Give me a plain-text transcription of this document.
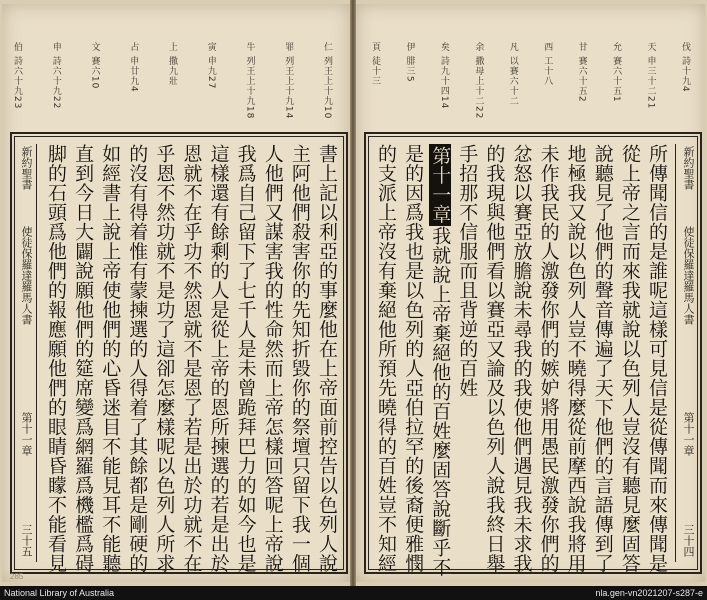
仁 列王上十九10
罪 列王上十九14
牛 列王上十九18
寅 申九27
上 撒九壯
占 申廿九4
文 賽六10
申 詩六十九22
伯 詩六十九23
新約聖書
使徒保羅達羅馬人書
第十一章
三十五	書上記以利亞的事麼他在上帝面前控告以色列人說
主阿他們殺害你的先知折毀你的祭壇只留下我一個
人他們又謀害我的性命然而上帝怎樣回答呢上帝說
我爲自己留下了七千人是未曾跪拜巴力的如今也是
這樣還有餘剩的人是從上帝的恩所揀選的若是出於
恩就不在乎功不然恩就不是恩了若是出於功就不在
乎恩不然功就不是功了這卻怎麼樣呢以色列人所求
的沒有得着惟有蒙揀選的人得着了其餘都是剛硬的
如經書上說上帝使他們的心昏迷目不能見耳不能聽
直到今日大闢說願他們的筵席變爲網羅爲機檻爲碍
脚的石頭爲他們的報應願他們的眼睛昏矇不能看見
285
伐 詩十九4
天 申三十二21
允 賽六十五1
甘 賽六十五2
西 工十八
凡 以賽六十二
余 撒母上十二22
矣 詩九十四14
伊 腓三5
頁 徒十三
所傳聞信的是誰呢這樣可見信是從傳聞而來傳聞是
從上帝之言而來我就說以色列人豈沒有聽見麼固答
說聽見了他們的聲音傳遍了天下他們的言語傳到了
地極我又說以色列人豈不曉得麼從前摩西說我將用
未作我民的人激發你們的嫉妒將用愚民激發你們的
忿怒以賽亞放膽說未尋我的我使他們遇見我未求我
的我現與他們看以賽亞又論及以色列人說我終日舉
手招那不信服而且背逆的百姓
第十一章我就說上帝棄絕他的百姓麼固答說斷乎不
是的因爲我也是以色列的人亞伯拉罕的後裔便雅憫
的支派上帝沒有棄絕他所預先曉得的百姓豈不知經	新約聖書
使徒保羅達羅馬人書
第十一章
三十四
National Library of Australia	nla.gen-vn2021207-s287-e
